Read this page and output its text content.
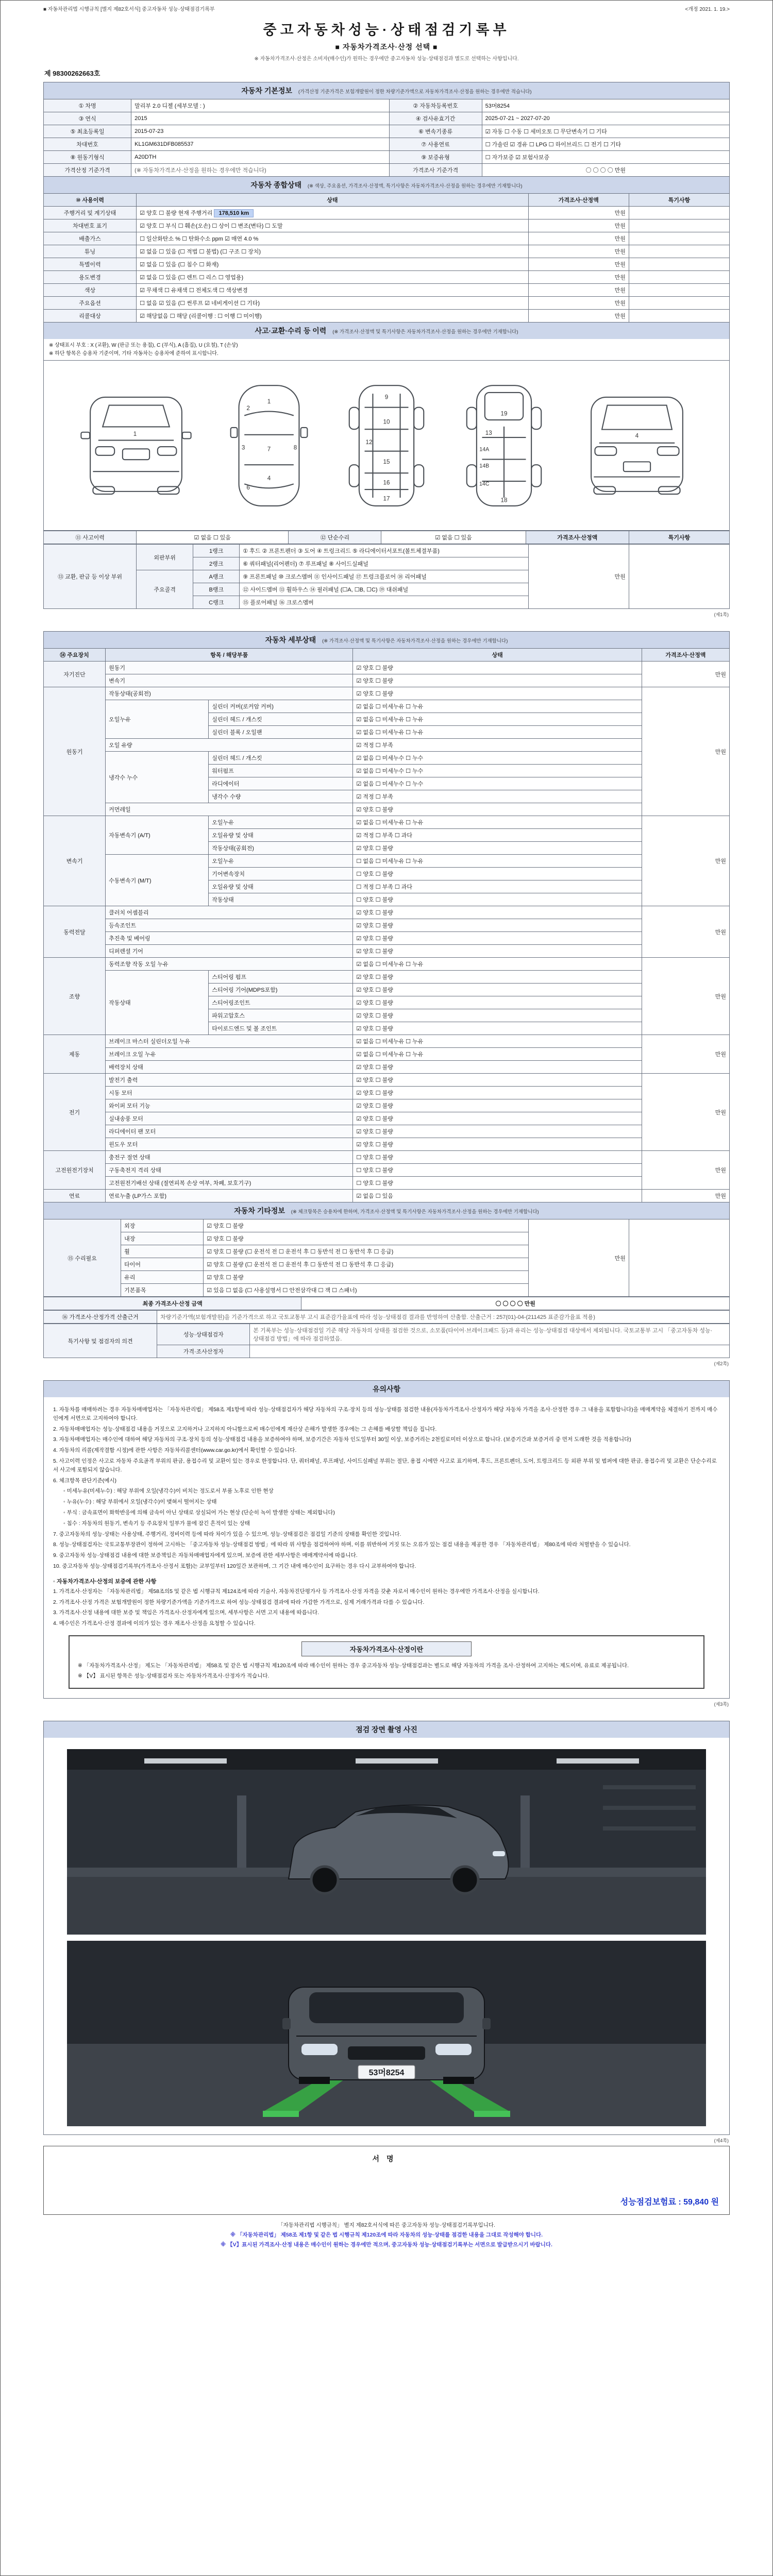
■ 자동차관리법 시행규칙 [별지 제82호서식] 중고자동차 성능·상태점검기록부	<개정 2021. 1. 19.>
중고자동차성능·상태점검기록부
■ 자동차가격조사·산정 선택 ■
※ 자동차가격조사·산정은 소비자(매수인)가 원하는 경우에만 중고자동차 성능·상태점검과 별도로 선택하는 사항입니다.
제 98300262663호
자동차 기본정보 (가격산정 기준가격은 보험개발원이 정한 차량기준가액으로 자동차가격조사·산정을 원하는 경우에만 적습니다)
① 차명	말리부 2.0 디젤 (세부모델 : )	② 자동차등록번호	53머8254
③ 연식	2015	④ 검사유효기간	2025-07-21 ~ 2027-07-20
⑤ 최초등록일	2015-07-23	⑥ 변속기종류	☑ 자동 ☐ 수동 ☐ 세미오토 ☐ 무단변속기 ☐ 기타
차대번호	KL1GM631DFB085537	⑦ 사용연료	☐ 가솔린 ☑ 경유 ☐ LPG ☐ 하이브리드 ☐ 전기 ☐ 기타
⑧ 원동기형식	A20DTH	⑨ 보증유형	☐ 자가보증 ☑ 보험사보증
가격산정 기준가격	(※ 자동차가격조사·산정을 원하는 경우에만 적습니다)	가격조사 기준가격	〇 〇 〇 〇 만원
자동차 종합상태 (※ 색상, 주요옵션, 가격조사·산정액, 특기사항은 자동차가격조사·산정을 원하는 경우에만 기재합니다)
⑩ 사용이력	상태	가격조사·산정액	특기사항
주행거리 및 계기상태	☑ 양호 ☐ 불량 현재 주행거리 178,510 km	만원	
차대번호 표기	☑ 양호 ☐ 부식 ☐ 훼손(오손) ☐ 상이 ☐ 변조(변타) ☐ 도말	만원	
배출가스	☐ 일산화탄소 % ☐ 탄화수소 ppm ☑ 매연 4.0 %	만원	
튜닝	☑ 없음 ☐ 있음 (☐ 적법 ☐ 불법) (☐ 구조 ☐ 장치)	만원	
특별이력	☑ 없음 ☐ 있음 (☐ 침수 ☐ 화재)	만원	
용도변경	☑ 없음 ☐ 있음 (☐ 렌트 ☐ 리스 ☐ 영업용)	만원	
색상	☑ 무채색 ☐ 유채색 ☐ 전체도색 ☐ 색상변경	만원	
주요옵션	☐ 없음 ☑ 있음 (☐ 썬루프 ☑ 네비게이션 ☐ 기타)	만원	
리콜대상	☑ 해당없음 ☐ 해당 (리콜이행 : ☐ 이행 ☐ 미이행)	만원	
사고·교환·수리 등 이력 (※ 가격조사·산정액 및 특기사항은 자동차가격조사·산정을 원하는 경우에만 기재합니다)
※ 상태표시 부호 : X (교환), W (판금 또는 용접), C (부식), A (흠집), U (요철), T (손상)
※ 하단 항목은 승용차 기준이며, 기타 자동차는 승용차에 준하여 표시합니다.
1
1
2
3	7
4
6
8
9
10
12
15
16
17
13
14A
14B
14C
19
18
4
⑪ 사고이력	☑ 없음 ☐ 있음	⑫ 단순수리	☑ 없음 ☐ 있음	가격조사·산정액	특기사항
⑬ 교환, 판금 등 이상 부위	외판부위	1랭크	① 후드 ② 프론트펜더 ③ 도어 ④ 트렁크리드 ⑤ 라디에이터서포트(볼트체결부품)	만원	
		2랭크	⑥ 쿼터패널(리어펜더) ⑦ 루프패널 ⑧ 사이드실패널		
	주요골격	A랭크	⑨ 프론트패널 ⑩ 크로스멤버 ⑪ 인사이드패널 ⑰ 트렁크플로어 ⑱ 리어패널		
		B랭크	⑫ 사이드멤버 ⑬ 휠하우스 ⑭ 필러패널 (☐A, ☐B, ☐C) ⑲ 대쉬패널		
		C랭크	⑮ 플로어패널 ⑯ 크로스멤버		
(제1쪽)
자동차 세부상태 (※ 가격조사·산정액 및 특기사항은 자동차가격조사·산정을 원하는 경우에만 기재합니다)
⑭ 주요장치	항목 / 해당부품		상태	가격조사·산정액
자기진단	원동기		☑ 양호 ☐ 불량	만원
	변속기		☑ 양호 ☐ 불량	
원동기	작동상태(공회전)		☑ 양호 ☐ 불량	만원
	오일누유	실린더 커버(로커암 커버)	☑ 없음 ☐ 미세누유 ☐ 누유	
		실린더 헤드 / 개스킷	☑ 없음 ☐ 미세누유 ☐ 누유	
		실린더 블록 / 오일팬	☑ 없음 ☐ 미세누유 ☐ 누유	
	오일 유량		☑ 적정 ☐ 부족	
	냉각수 누수	실린더 헤드 / 개스킷	☑ 없음 ☐ 미세누수 ☐ 누수	
		워터펌프	☑ 없음 ☐ 미세누수 ☐ 누수	
		라디에이터	☑ 없음 ☐ 미세누수 ☐ 누수	
		냉각수 수량	☑ 적정 ☐ 부족	
	커먼레일		☑ 양호 ☐ 불량	
변속기	자동변속기 (A/T)	오일누유	☑ 없음 ☐ 미세누유 ☐ 누유	만원
		오일유량 및 상태	☑ 적정 ☐ 부족 ☐ 과다	
		작동상태(공회전)	☑ 양호 ☐ 불량	
	수동변속기 (M/T)	오일누유	☐ 없음 ☐ 미세누유 ☐ 누유	
		기어변속장치	☐ 양호 ☐ 불량	
		오일유량 및 상태	☐ 적정 ☐ 부족 ☐ 과다	
		작동상태	☐ 양호 ☐ 불량	
동력전달	클러치 어셈블리		☑ 양호 ☐ 불량	만원
	등속조인트		☑ 양호 ☐ 불량	
	추진축 및 베어링		☑ 양호 ☐ 불량	
	디퍼렌셜 기어		☑ 양호 ☐ 불량	
조향	동력조향 작동 오일 누유		☑ 없음 ☐ 미세누유 ☐ 누유	만원
	작동상태	스티어링 펌프	☑ 양호 ☐ 불량	
		스티어링 기어(MDPS포함)	☑ 양호 ☐ 불량	
		스티어링조인트	☑ 양호 ☐ 불량	
		파워고압호스	☑ 양호 ☐ 불량	
		타이로드엔드 및 볼 조인트	☑ 양호 ☐ 불량	
제동	브레이크 마스터 실린더오일 누유		☑ 없음 ☐ 미세누유 ☐ 누유	만원
	브레이크 오일 누유		☑ 없음 ☐ 미세누유 ☐ 누유	
	배력장치 상태		☑ 양호 ☐ 불량	
전기	발전기 출력		☑ 양호 ☐ 불량	만원
	시동 모터		☑ 양호 ☐ 불량	
	와이퍼 모터 기능		☑ 양호 ☐ 불량	
	실내송풍 모터		☑ 양호 ☐ 불량	
	라디에이터 팬 모터		☑ 양호 ☐ 불량	
	윈도우 모터		☑ 양호 ☐ 불량	
고전원전기장치	충전구 절연 상태		☐ 양호 ☐ 불량	만원
	구동축전지 격리 상태		☐ 양호 ☐ 불량	
	고전원전기배선 상태 (절연피복 손상 여부, 차폐, 보호기구)		☐ 양호 ☐ 불량	
연료	연료누출 (LP가스 포함)		☑ 없음 ☐ 있음	만원
자동차 기타정보 (※ 체크항목은 승용차에 한하며, 가격조사·산정액 및 특기사항은 자동차가격조사·산정을 원하는 경우에만 기재합니다)
⑮ 수리필요	외장	☑ 양호 ☐ 불량	만원	
	내장	☑ 양호 ☐ 불량		
	휠	☑ 양호 ☐ 불량 (☐ 운전석 전 ☐ 운전석 후 ☐ 동반석 전 ☐ 동반석 후 ☐ 응급)		
	타이어	☑ 양호 ☐ 불량 (☐ 운전석 전 ☐ 운전석 후 ☐ 동반석 전 ☐ 동반석 후 ☐ 응급)		
	유리	☑ 양호 ☐ 불량		
	기본품목	☑ 있음 ☐ 없음 (☐ 사용설명서 ☐ 안전삼각대 ☐ 잭 ☐ 스패너)		
최종 가격조사·산정 금액	〇 〇 〇 〇 만원
⑯ 가격조사·산정가격 산출근거	차량기준가액(보험개발원)을 기준가격으로 하고 국토교통부 고시 표준감가율표에 따라 성능·상태점검 결과를 반영하여 산출함. 산출근거 : 257(01)-04-(211425 표준감가율표 적용)
특기사항 및 점검자의 의견	성능·상태점검자	본 기록부는 성능·상태점검일 기준 해당 자동차의 상태를 점검한 것으로, 소모품(타이어·브레이크패드 등)과 유리는 성능·상태점검 대상에서 제외됩니다. 국토교통부 고시 「중고자동차 성능·상태점검 방법」에 따라 점검하였음.
	가격·조사산정자	
(제2쪽)
유의사항
1. 자동차를 매매하려는 경우 자동차매매업자는 「자동차관리법」 제58조 제1항에 따라 성능·상태점검자가 해당 자동차의 구조·장치 등의 성능·상태를 점검한 내용(자동차가격조사·산정자가 해당 자동차 가격을 조사·산정한 경우 그 내용을 포함합니다)을 매매계약을 체결하기 전까지 매수인에게 서면으로 고지하여야 합니다.
2. 자동차매매업자는 성능·상태점검 내용을 거짓으로 고지하거나 고지하지 아니함으로써 매수인에게 재산상 손해가 발생한 경우에는 그 손해를 배상할 책임을 집니다.
3. 자동차매매업자는 매수인에 대하여 해당 자동차의 구조·장치 등의 성능·상태점검 내용을 보증하여야 하며, 보증기간은 자동차 인도일부터 30일 이상, 보증거리는 2천킬로미터 이상으로 합니다. (보증기간과 보증거리 중 먼저 도래한 것을 적용합니다)
4. 자동차의 리콜(제작결함 시정)에 관한 사항은 자동차리콜센터(www.car.go.kr)에서 확인할 수 있습니다.
5. 사고이력 인정은 사고로 자동차 주요골격 부위의 판금, 용접수리 및 교환이 있는 경우로 한정합니다. 단, 쿼터패널, 루프패널, 사이드실패널 부위는 절단, 용접 시에만 사고로 표기하며, 후드, 프론트펜더, 도어, 트렁크리드 등 외판 부위 및 범퍼에 대한 판금, 용접수리 및 교환은 단순수리로서 사고에 포함되지 않습니다.
6. 체크항목 판단기준(예시)
◦ 미세누유(미세누수) : 해당 부위에 오일(냉각수)이 비치는 정도로서 부품 노후로 인한 현상
◦ 누유(누수) : 해당 부위에서 오일(냉각수)이 맺혀서 떨어지는 상태
◦ 부식 : 금속표면이 화학반응에 의해 금속이 아닌 상태로 상실되어 가는 현상 (단순히 녹이 발생한 상태는 제외합니다)
◦ 침수 : 자동차의 원동기, 변속기 등 주요장치 일부가 물에 잠긴 흔적이 있는 상태
7. 중고자동차의 성능·상태는 사용상태, 주행거리, 정비이력 등에 따라 차이가 있을 수 있으며, 성능·상태점검은 점검일 기준의 상태를 확인한 것입니다.
8. 성능·상태점검자는 국토교통부장관이 정하여 고시하는 「중고자동차 성능·상태점검 방법」에 따라 위 사항을 점검하여야 하며, 이를 위반하여 거짓 또는 오류가 있는 점검 내용을 제공한 경우 「자동차관리법」 제80조에 따라 처벌받을 수 있습니다.
9. 중고자동차 성능·상태점검 내용에 대한 보증책임은 자동차매매업자에게 있으며, 보증에 관한 세부사항은 매매계약서에 따릅니다.
10. 중고자동차 성능·상태점검기록부(가격조사·산정서 포함)는 교부일부터 120일간 보관하며, 그 기간 내에 매수인이 요구하는 경우 다시 교부하여야 합니다.
◦ 자동차가격조사·산정의 보증에 관한 사항
1. 가격조사·산정자는 「자동차관리법」 제58조의5 및 같은 법 시행규칙 제124조에 따라 기술사, 자동차진단평가사 등 가격조사·산정 자격을 갖춘 자로서 매수인이 원하는 경우에만 가격조사·산정을 실시합니다.
2. 가격조사·산정 가격은 보험개발원이 정한 차량기준가액을 기준가격으로 하여 성능·상태점검 결과에 따라 가감한 가격으로, 실제 거래가격과 다를 수 있습니다.
3. 가격조사·산정 내용에 대한 보증 및 책임은 가격조사·산정자에게 있으며, 세부사항은 서면 고지 내용에 따릅니다.
4. 매수인은 가격조사·산정 결과에 이의가 있는 경우 재조사·산정을 요청할 수 있습니다.
자동차가격조사·산정이란
※ 「자동차가격조사·산정」 제도는 「자동차관리법」 제58조 및 같은 법 시행규칙 제120조에 따라 매수인이 원하는 경우 중고자동차 성능·상태점검과는 별도로 해당 자동차의 가격을 조사·산정하여 고지하는 제도이며, 유료로 제공됩니다.
※ 【V】 표시된 항목은 성능·상태점검자 또는 자동차가격조사·산정자가 적습니다.
(제3쪽)
점검 장면 촬영 사진
53머8254
(제4쪽)
서명
성능점검보험료 : 59,840 원
「자동차관리법 시행규칙」 별지 제82호서식에 따른 중고자동차 성능·상태점검기록부입니다.
※ 「자동차관리법」 제58조 제1항 및 같은 법 시행규칙 제120조에 따라 자동차의 성능·상태를 점검한 내용을 그대로 작성해야 합니다.
※ 【V】표시된 가격조사·산정 내용은 매수인이 원하는 경우에만 적으며, 중고자동차 성능·상태점검기록부는 서면으로 발급받으시기 바랍니다.
